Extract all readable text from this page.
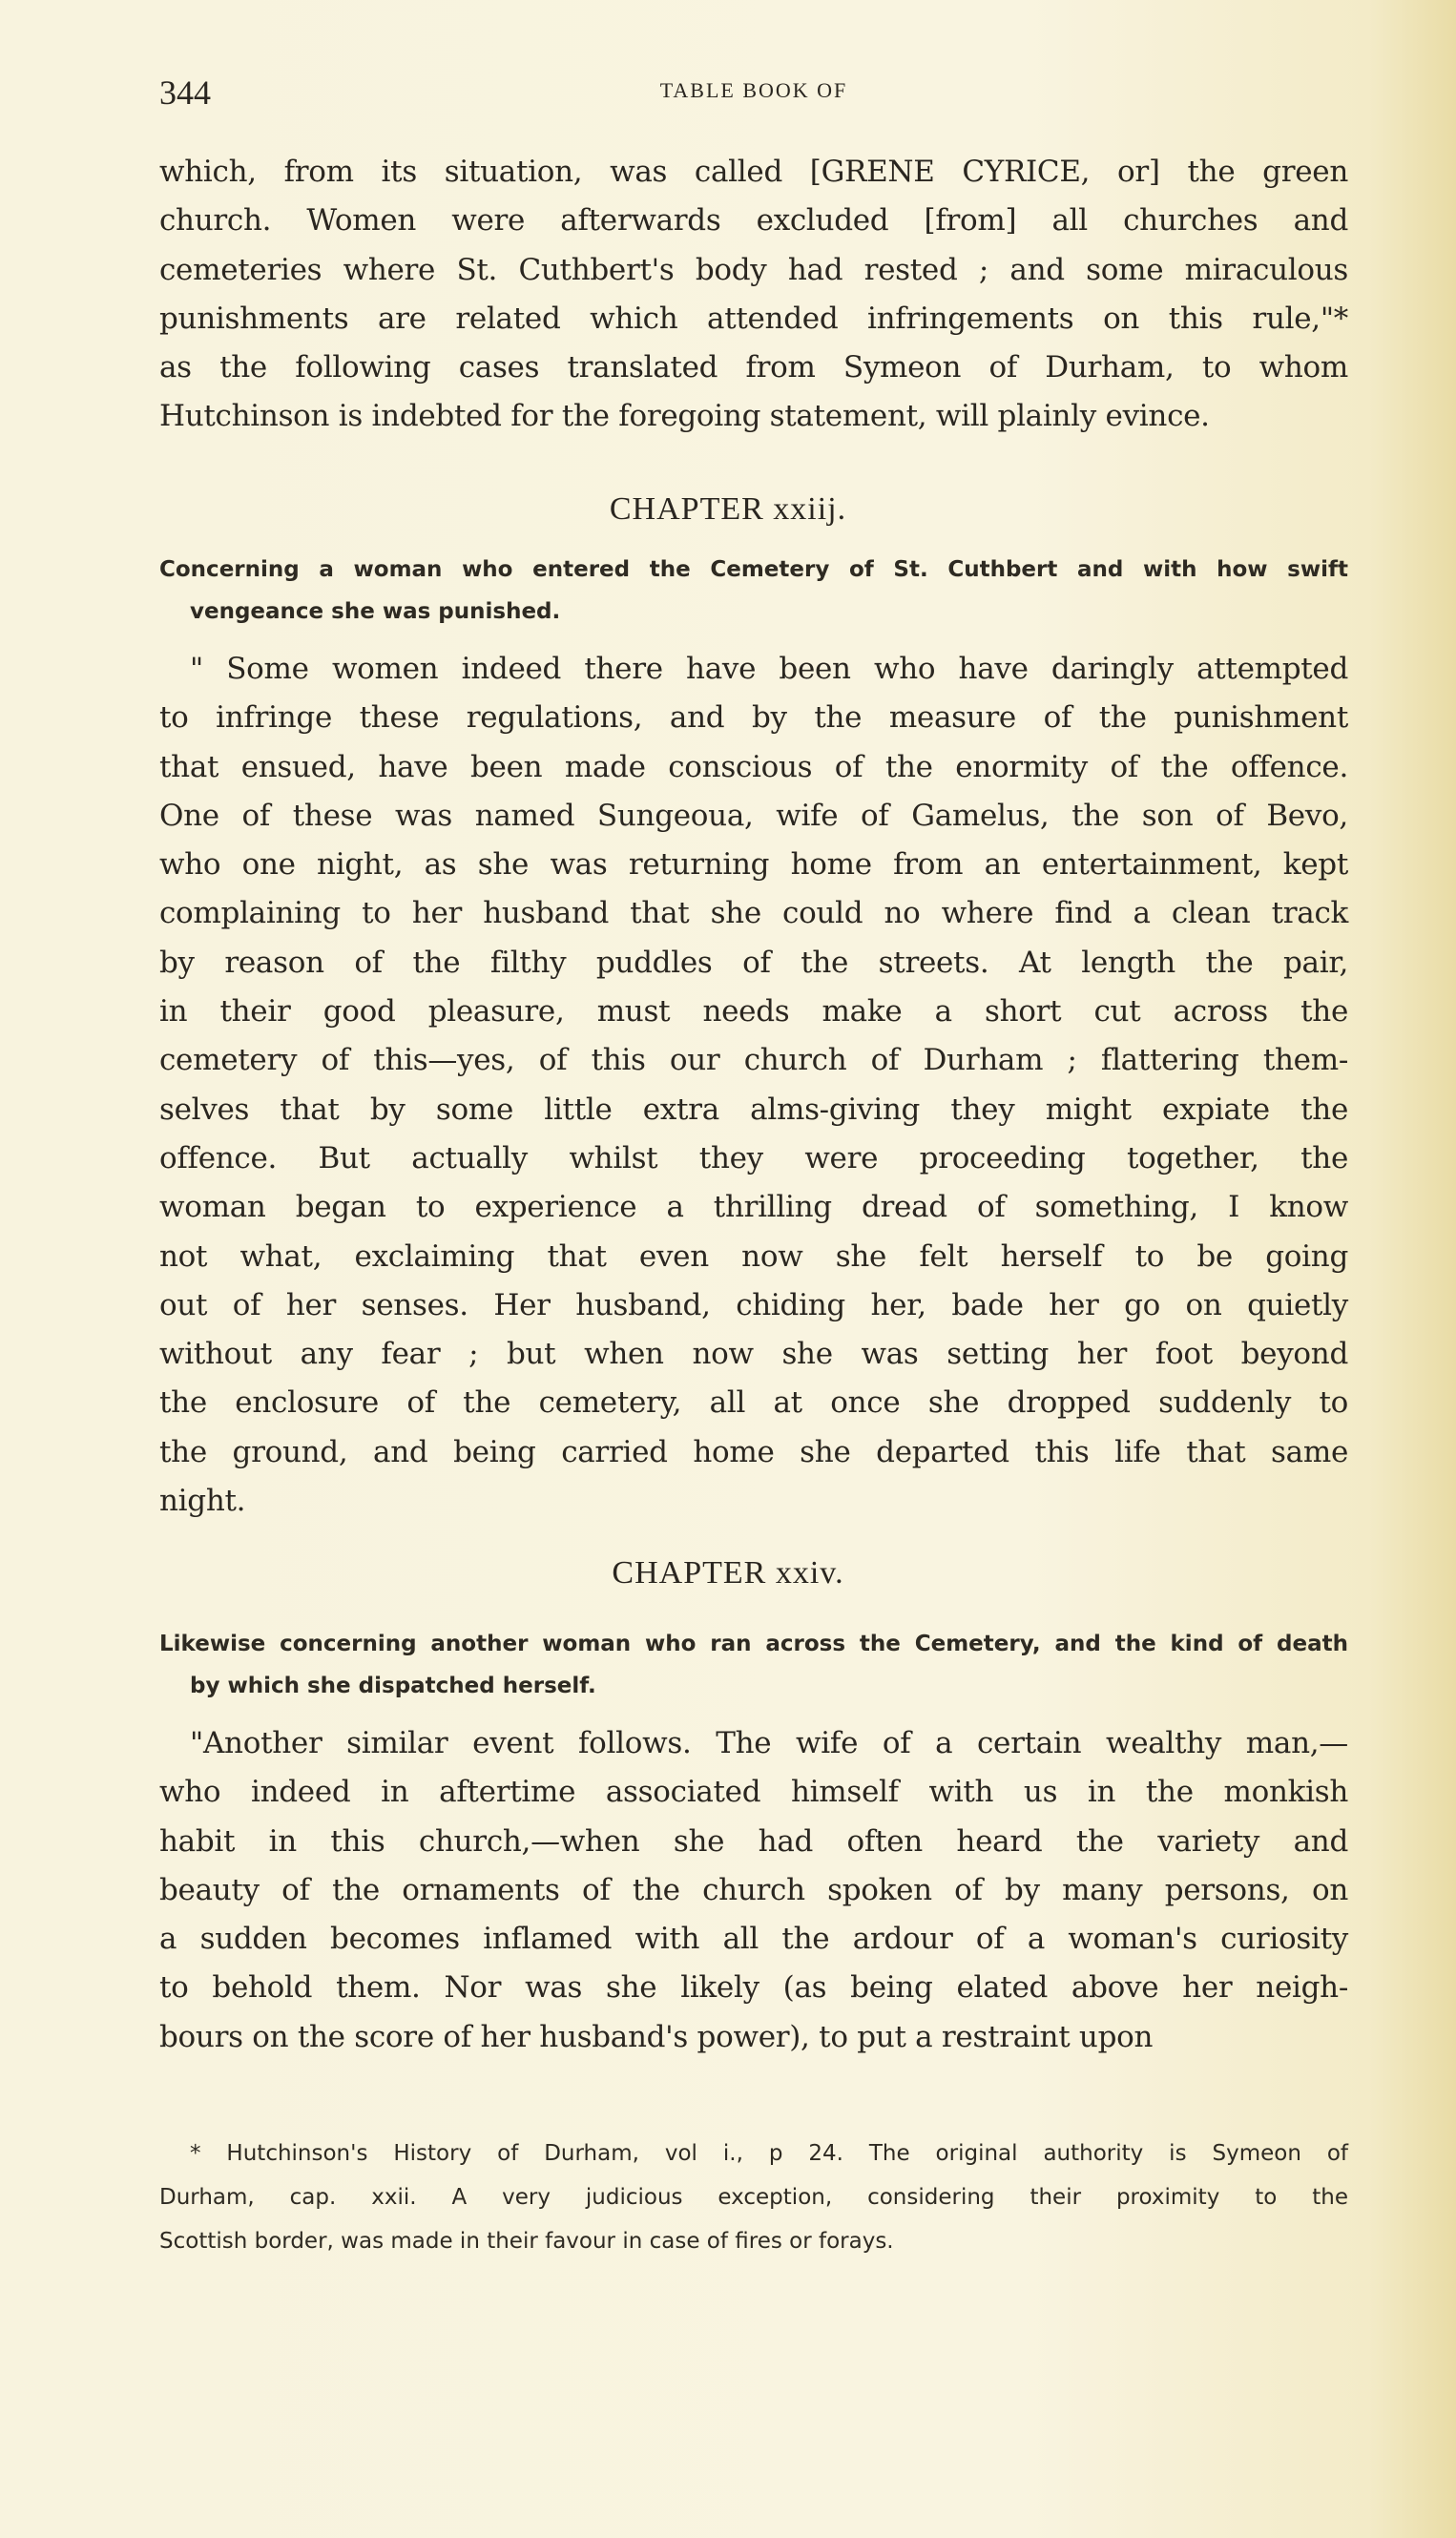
344	TABLE BOOK OF
which, from its situation, was called [GRENE CYRICE, or] the green
church. Women were afterwards excluded [from] all churches and
cemeteries where St. Cuthbert's body had rested ; and some miraculous
punishments are related which attended infringements on this rule,"*
as the following cases translated from Symeon of Durham, to whom
Hutchinson is indebted for the foregoing statement, will plainly evince.
CHAPTER xxiij.
Concerning a woman who entered the Cemetery of St. Cuthbert and with how swift
vengeance she was punished.
" Some women indeed there have been who have daringly attempted
to infringe these regulations, and by the measure of the punishment
that ensued, have been made conscious of the enormity of the offence.
One of these was named Sungeoua, wife of Gamelus, the son of Bevo,
who one night, as she was returning home from an entertainment, kept
complaining to her husband that she could no where find a clean track
by reason of the filthy puddles of the streets. At length the pair,
in their good pleasure, must needs make a short cut across the
cemetery of this—yes, of this our church of Durham ; flattering them-
selves that by some little extra alms-giving they might expiate the
offence. But actually whilst they were proceeding together, the
woman began to experience a thrilling dread of something, I know
not what, exclaiming that even now she felt herself to be going
out of her senses. Her husband, chiding her, bade her go on quietly
without any fear ; but when now she was setting her foot beyond
the enclosure of the cemetery, all at once she dropped suddenly to
the ground, and being carried home she departed this life that same
night.
CHAPTER xxiv.
Likewise concerning another woman who ran across the Cemetery, and the kind of death
by which she dispatched herself.
"Another similar event follows. The wife of a certain wealthy man,—
who indeed in aftertime associated himself with us in the monkish
habit in this church,—when she had often heard the variety and
beauty of the ornaments of the church spoken of by many persons, on
a sudden becomes inflamed with all the ardour of a woman's curiosity
to behold them. Nor was she likely (as being elated above her neigh-
bours on the score of her husband's power), to put a restraint upon
* Hutchinson's History of Durham, vol i., p 24. The original authority is Symeon of
Durham, cap. xxii. A very judicious exception, considering their proximity to the
Scottish border, was made in their favour in case of fires or forays.
